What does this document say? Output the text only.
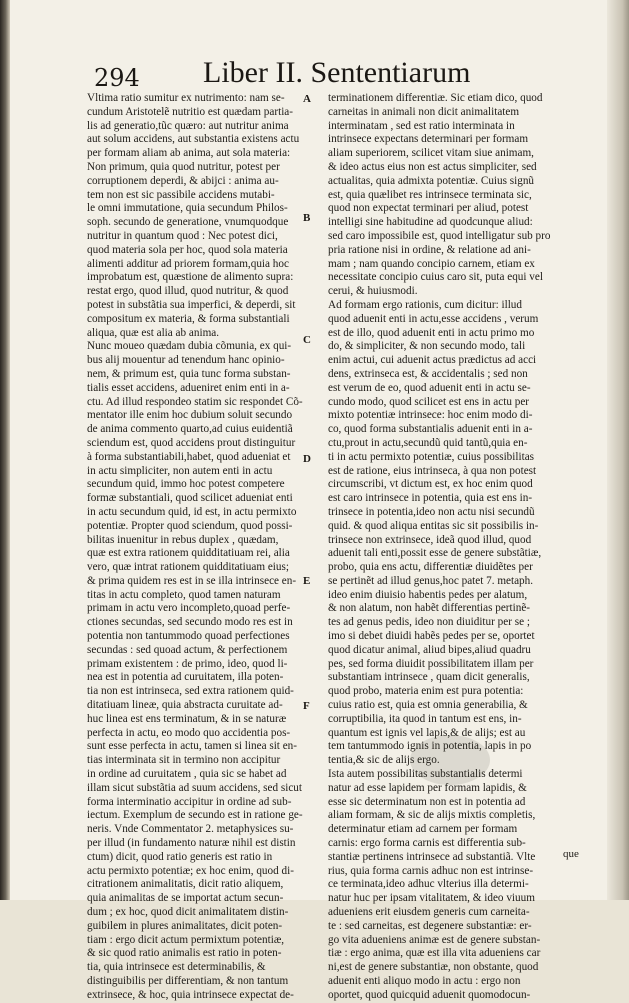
294 Liber II. Sententiarum

Vltima ratio sumitur ex nutrimento: nam se-

cundum Aristotelẽ nutritio est quædam partia-

lis ad generatio,tũc quæro: aut nutritur anima

aut solum accidens, aut substantia existens actu

per formam aliam ab anima, aut sola materia:

Non primum, quia quod nutritur, potest per

corruptionem deperdi, & abijci : anima au-

tem non est sic passibile accidens mutabi-

le omni immutatione, quia secundum Philos-

soph. secundo de generatione, vnumquodque

nutritur in quantum quod : Nec potest dici,

quod materia sola per hoc, quod sola materia

alimenti additur ad priorem formam,quia hoc

improbatum est, quæstione de alimento supra:

restat ergo, quod illud, quod nutritur, & quod

potest in substãtia sua imperfici, & deperdi, sit

compositum ex materia, & forma substantiali

aliqua, quæ est alia ab anima.

Nunc moueo quædam dubia cõmunia, ex qui-

bus alij mouentur ad tenendum hanc opinio-

nem, & primum est, quia tunc forma substan-

tialis esset accidens, adueniret enim enti in a-

ctu. Ad illud respondeo statim sic respondet Cõ-

mentator ille enim hoc dubium soluit secundo

de anima commento quarto,ad cuius euidentiã

sciendum est, quod accidens prout distinguitur

à forma substantiabili,habet, quod adueniat et

in actu simpliciter, non autem enti in actu

secundum quid, immo hoc potest competere

formæ substantiali, quod scilicet adueniat enti

in actu secundum quid, id est, in actu permixto

potentiæ. Propter quod sciendum, quod possi-

bilitas inuenitur in rebus duplex , quædam,

quæ est extra rationem quidditatiuam rei, alia

vero, quæ intrat rationem quidditatiuam eius;

& prima quidem res est in se illa intrinsece en-

titas in actu completo, quod tamen naturam

primam in actu vero incompleto,quoad perfe-

ctiones secundas, sed secundo modo res est in

potentia non tantummodo quoad perfectiones

secundas : sed quoad actum, & perfectionem

primam existentem : de primo, ideo, quod li-

nea est in potentia ad curuitatem, illa poten-

tia non est intrinseca, sed extra rationem quid-

ditatiuam lineæ, quia abstracta curuitate ad-

huc linea est ens terminatum, & in se naturæ

perfecta in actu, eo modo quo accidentia pos-

sunt esse perfecta in actu, tamen si linea sit en-

tias interminata sit in termino non accipitur

in ordine ad curuitatem , quia sic se habet ad

illam sicut substãtia ad suum accidens, sed sicut

forma interminatio accipitur in ordine ad sub-

iectum. Exemplum de secundo est in ratione ge-

neris. Vnde Commentator 2. metaphysices su-

per illud (in fundamento naturæ nihil est distin

ctum) dicit, quod ratio generis est ratio in

actu permixto potentiæ; ex hoc enim, quod di-

citrationem animalitatis, dicit ratio aliquem,

quia animalitas de se importat actum secun-

dum ; ex hoc, quod dicit animalitatem distin-

guibilem in plures animalitates, dicit poten-

tiam : ergo dicit actum permixtum potentiæ,

& sic quod ratio animalis est ratio in poten-

tia, quia intrinsece est determinabilis, &

distinguibilis per differentiam, & non tantum

extrinsece, & hoc, quia intrinsece expectat de-

terminationem differentiæ. Sic etiam dico, quod

carneitas in animali non dicit animalitatem

interminatam , sed est ratio interminata in

intrinsece expectans determinari per formam

aliam superiorem, scilicet vitam siue animam,

& ideo actus eius non est actus simpliciter, sed

actualitas, quia admixta potentiæ. Cuius signũ

est, quia quælibet res intrinsece terminata sic,

quod non expectat terminari per aliud, potest

intelligi sine habitudine ad quodcunque aliud:

sed caro impossibile est, quod intelligatur sub pro

pria ratione nisi in ordine, & relatione ad ani-

mam ; nam quando concipio carnem, etiam ex

necessitate concipio cuius caro sit, puta equi vel

cerui, & huiusmodi.

Ad formam ergo rationis, cum dicitur: illud

quod aduenit enti in actu,esse accidens , verum

est de illo, quod aduenit enti in actu primo mo

do, & simpliciter, & non secundo modo, tali

enim actui, cui aduenit actus prædictus ad acci

dens, extrinseca est, & accidentalis ; sed non

est verum de eo, quod aduenit enti in actu se-

cundo modo, quod scilicet est ens in actu per

mixto potentiæ intrinsece: hoc enim modo di-

co, quod forma substantialis aduenit enti in a-

ctu,prout in actu,secundũ quid tantũ,quia en-

ti in actu permixto potentiæ, cuius possibilitas

est de ratione, eius intrinseca, à qua non potest

circumscribi, vt dictum est, ex hoc enim quod

est caro intrinsece in potentia, quia est ens in-

trinsece in potentia,ideo non actu nisi secundũ

quid. & quod aliqua entitas sic sit possibilis in-

trinsece non extrinsece, ideã quod illud, quod

aduenit tali enti,possit esse de genere substãtiæ,

probo, quia ens actu, differentiæ diuidẽtes per

se pertinẽt ad illud genus,hoc patet 7. metaph.

ideo enim diuisio habentis pedes per alatum,

& non alatum, non habẽt differentias pertinẽ-

tes ad genus pedis, ideo non diuiditur per se ;

imo si debet diuidi habẽs pedes per se, oportet

quod dicatur animal, aliud bipes,aliud quadru

pes, sed forma diuidit possibilitatem illam per

substantiam intrinsece , quam dicit generalis,

quod probo, materia enim est pura potentia:

cuius ratio est, quia est omnia generabilia, &

corruptibilia, ita quod in tantum est ens, in-

quantum est ignis vel lapis,& de alijs; est au

tem tantummodo ignis in potentia, lapis in po

tentia,& sic de alijs ergo.

Ista autem possibilitas substantialis determi

natur ad esse lapidem per formam lapidis, &

esse sic determinatum non est in potentia ad

aliam formam, & sic de alijs mixtis completis,

determinatur etiam ad carnem per formam

carnis: ergo forma carnis est differentia sub-

stantiæ pertinens intrinsece ad substantiã. Vlte

rius, quia forma carnis adhuc non est intrinse-

ce terminata,ideo adhuc vlterius illa determi-

natur huc per ipsam vitalitatem, & ideo viuum

adueniens erit eiusdem generis cum carneita-

te : sed carneitas, est degenere substantiæ: er-

go vita adueniens animæ est de genere substan-

tiæ : ergo anima, quæ est illa vita adueniens car

ni,est de genere substantiæ, non obstante, quod

aduenit enti aliquo modo in actu : ergo non

oportet, quod quicquid aduenit quomodocun-

A
B
C
D
E
F
que
